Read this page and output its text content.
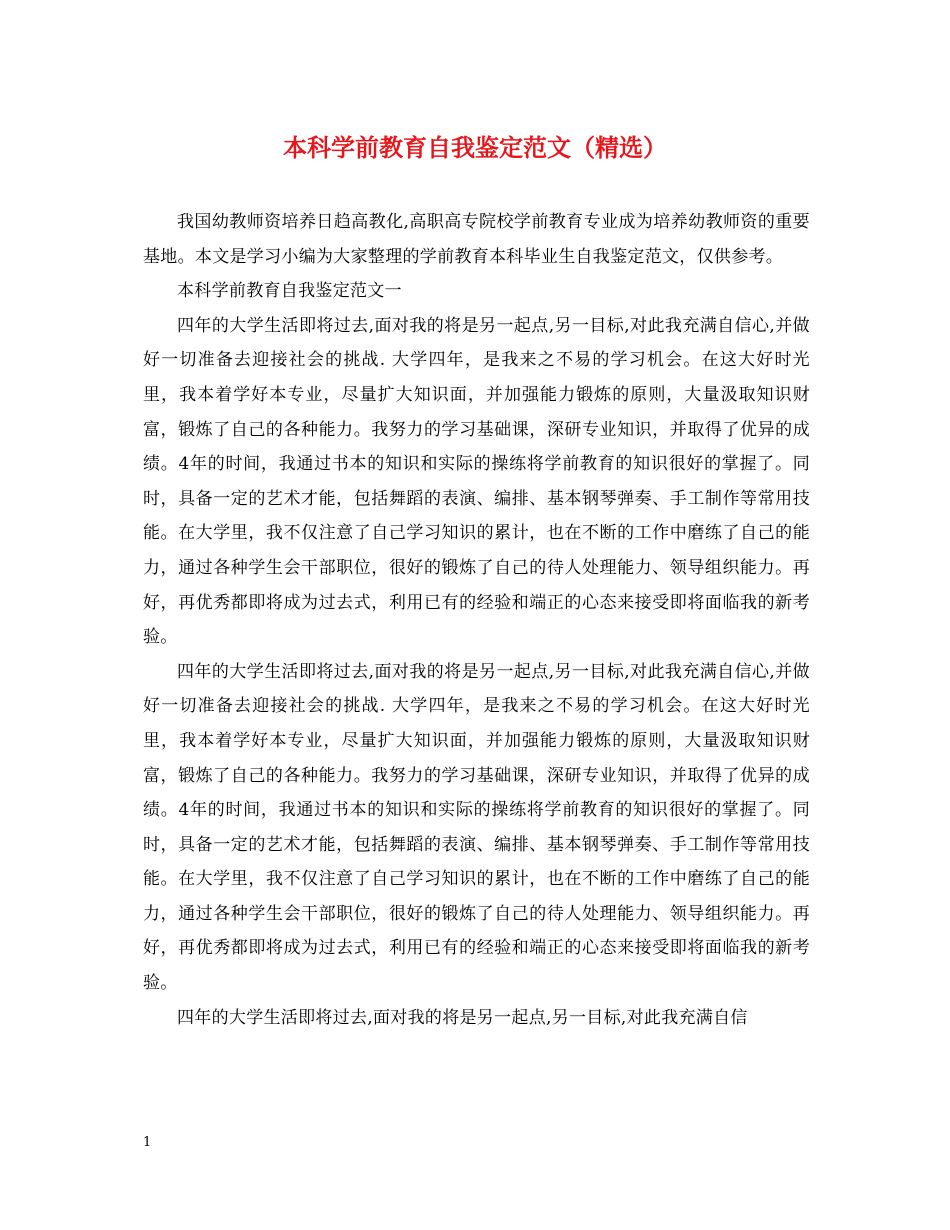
本科学前教育自我鉴定范文（精选）

我国幼教师资培养日趋高教化,高职高专院校学前教育专业成为培养幼教师资的重要基地。本文是学习小编为大家整理的学前教育本科毕业生自我鉴定范文，仅供参考。

本科学前教育自我鉴定范文一

四年的大学生活即将过去,面对我的将是另一起点,另一目标,对此我充满自信心,并做好一切准备去迎接社会的挑战. 大学四年，是我来之不易的学习机会。在这大好时光里，我本着学好本专业，尽量扩大知识面，并加强能力锻炼的原则，大量汲取知识财富，锻炼了自己的各种能力。我努力的学习基础课，深研专业知识，并取得了优异的成绩。4年的时间，我通过书本的知识和实际的操练将学前教育的知识很好的掌握了。同时，具备一定的艺术才能，包括舞蹈的表演、编排、基本钢琴弹奏、手工制作等常用技能。在大学里，我不仅注意了自己学习知识的累计，也在不断的工作中磨练了自己的能力，通过各种学生会干部职位，很好的锻炼了自己的待人处理能力、领导组织能力。再好，再优秀都即将成为过去式，利用已有的经验和端正的心态来接受即将面临我的新考验。

四年的大学生活即将过去,面对我的将是另一起点,另一目标,对此我充满自信心,并做好一切准备去迎接社会的挑战. 大学四年，是我来之不易的学习机会。在这大好时光里，我本着学好本专业，尽量扩大知识面，并加强能力锻炼的原则，大量汲取知识财富，锻炼了自己的各种能力。我努力的学习基础课，深研专业知识，并取得了优异的成绩。4年的时间，我通过书本的知识和实际的操练将学前教育的知识很好的掌握了。同时，具备一定的艺术才能，包括舞蹈的表演、编排、基本钢琴弹奏、手工制作等常用技能。在大学里，我不仅注意了自己学习知识的累计，也在不断的工作中磨练了自己的能力，通过各种学生会干部职位，很好的锻炼了自己的待人处理能力、领导组织能力。再好，再优秀都即将成为过去式，利用已有的经验和端正的心态来接受即将面临我的新考验。

四年的大学生活即将过去,面对我的将是另一起点,另一目标,对此我充满自信

1
